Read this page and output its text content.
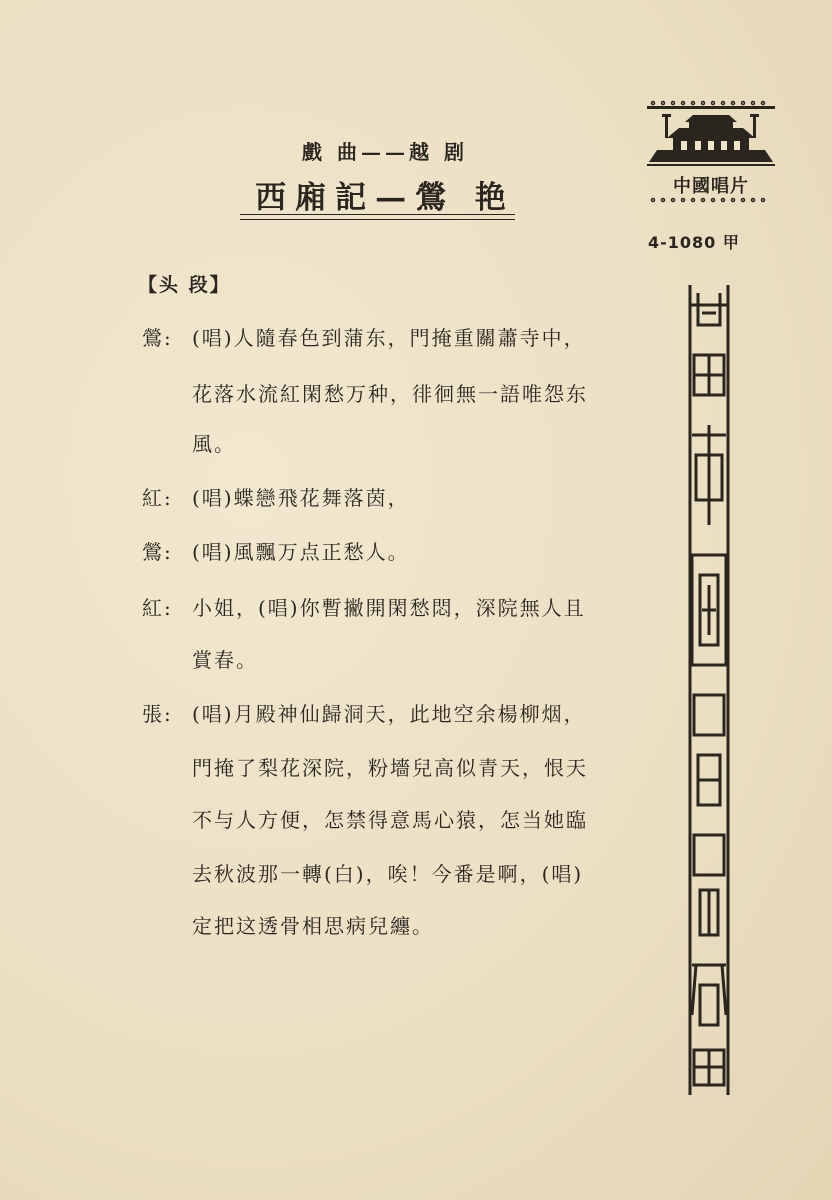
戲 曲——越 剧
西廂記—鶯 艳	中國唱片
4-1080 甲
【头 段】
鶯: (唱)人隨春色到蒲东，門掩重關蕭寺中，
花落水流紅閑愁万种，徘徊無一語唯怨东
風。
紅: (唱)蝶戀飛花舞落茵，
鶯: (唱)風飄万点正愁人。
紅: 小姐，(唱)你暫撇開閑愁悶，深院無人且
賞春。
張: (唱)月殿神仙歸洞天，此地空余楊柳烟，
門掩了梨花深院，粉墻兒高似青天，恨天
不与人方便，怎禁得意馬心猿，怎当她臨
去秋波那一轉(白)，唉！今番是啊，(唱)
定把这透骨相思病兒纏。
